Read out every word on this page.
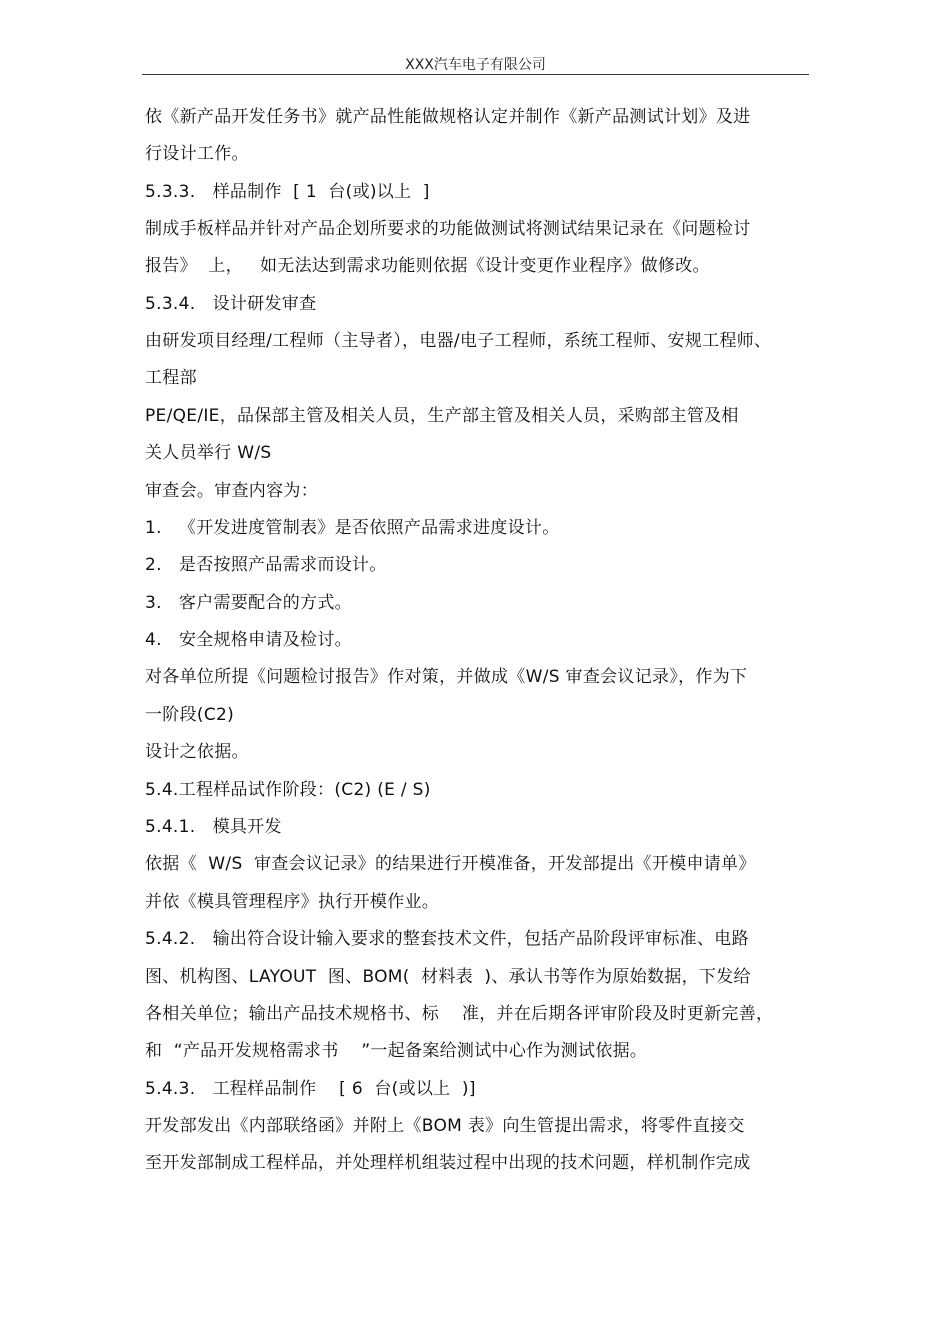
XXX汽车电子有限公司
依《新产品开发任务书》就产品性能做规格认定并制作《新产品测试计划》及进
行设计工作。
5.3.3.   样品制作  [ 1  台(或)以上  ]
制成手板样品并针对产品企划所要求的功能做测试将测试结果记录在《问题检讨
报告》  上，   如无法达到需求功能则依据《设计变更作业程序》做修改。
5.3.4.   设计研发审查
由研发项目经理/工程师（主导者），电器/电子工程师，系统工程师、安规工程师、
工程部
PE/QE/IE，品保部主管及相关人员，生产部主管及相关人员，采购部主管及相
关人员举行 W/S
审查会。审查内容为：
1.   《开发进度管制表》是否依照产品需求进度设计。
2.   是否按照产品需求而设计。
3.   客户需要配合的方式。
4.   安全规格申请及检讨。
对各单位所提《问题检讨报告》作对策，并做成《W/S 审查会议记录》，作为下
一阶段(C2)
设计之依据。
5.4.工程样品试作阶段：(C2) (E / S)
5.4.1.   模具开发
依据《  W/S  审查会议记录》的结果进行开模准备，开发部提出《开模申请单》
并依《模具管理程序》执行开模作业。
5.4.2.   输出符合设计输入要求的整套技术文件，包括产品阶段评审标准、电路
图、机构图、LAYOUT  图、BOM(  材料表  )、承认书等作为原始数据，下发给
各相关单位；输出产品技术规格书、标    准，并在后期各评审阶段及时更新完善，
和  “产品开发规格需求书    ”一起备案给测试中心作为测试依据。
5.4.3.   工程样品制作    [ 6  台(或以上  )]
开发部发出《内部联络函》并附上《BOM 表》向生管提出需求，将零件直接交
至开发部制成工程样品，并处理样机组装过程中出现的技术问题，样机制作完成
